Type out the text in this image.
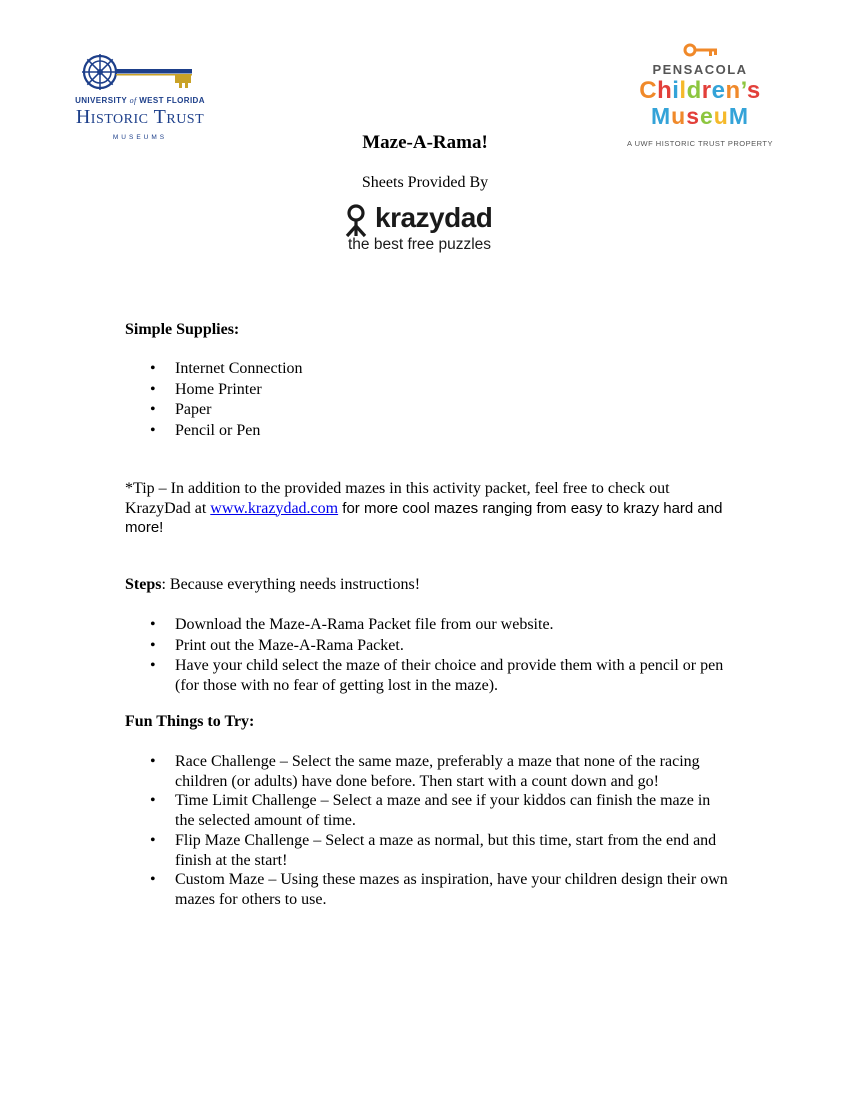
UNIVERSITY of WEST FLORIDA
Historic Trust
MUSEUMS
PENSACOLA
Children’s
MuseuM
A UWF HISTORIC TRUST PROPERTY
Maze-A-Rama!
Sheets Provided By
krazydad
the best free puzzles
Simple Supplies:
• Internet Connection
• Home Printer
• Paper
• Pencil or Pen
*Tip – In addition to the provided mazes in this activity packet, feel free to check out KrazyDad at www.krazydad.com for more cool mazes ranging from easy to krazy hard and more!
Steps: Because everything needs instructions!
• Download the Maze-A-Rama Packet file from our website.
• Print out the Maze-A-Rama Packet.
• Have your child select the maze of their choice and provide them with a pencil or pen (for those with no fear of getting lost in the maze).
Fun Things to Try:
• Race Challenge – Select the same maze, preferably a maze that none of the racing children (or adults) have done before. Then start with a count down and go!
• Time Limit Challenge – Select a maze and see if your kiddos can finish the maze in the selected amount of time.
• Flip Maze Challenge – Select a maze as normal, but this time, start from the end and finish at the start!
• Custom Maze – Using these mazes as inspiration, have your children design their own mazes for others to use.
